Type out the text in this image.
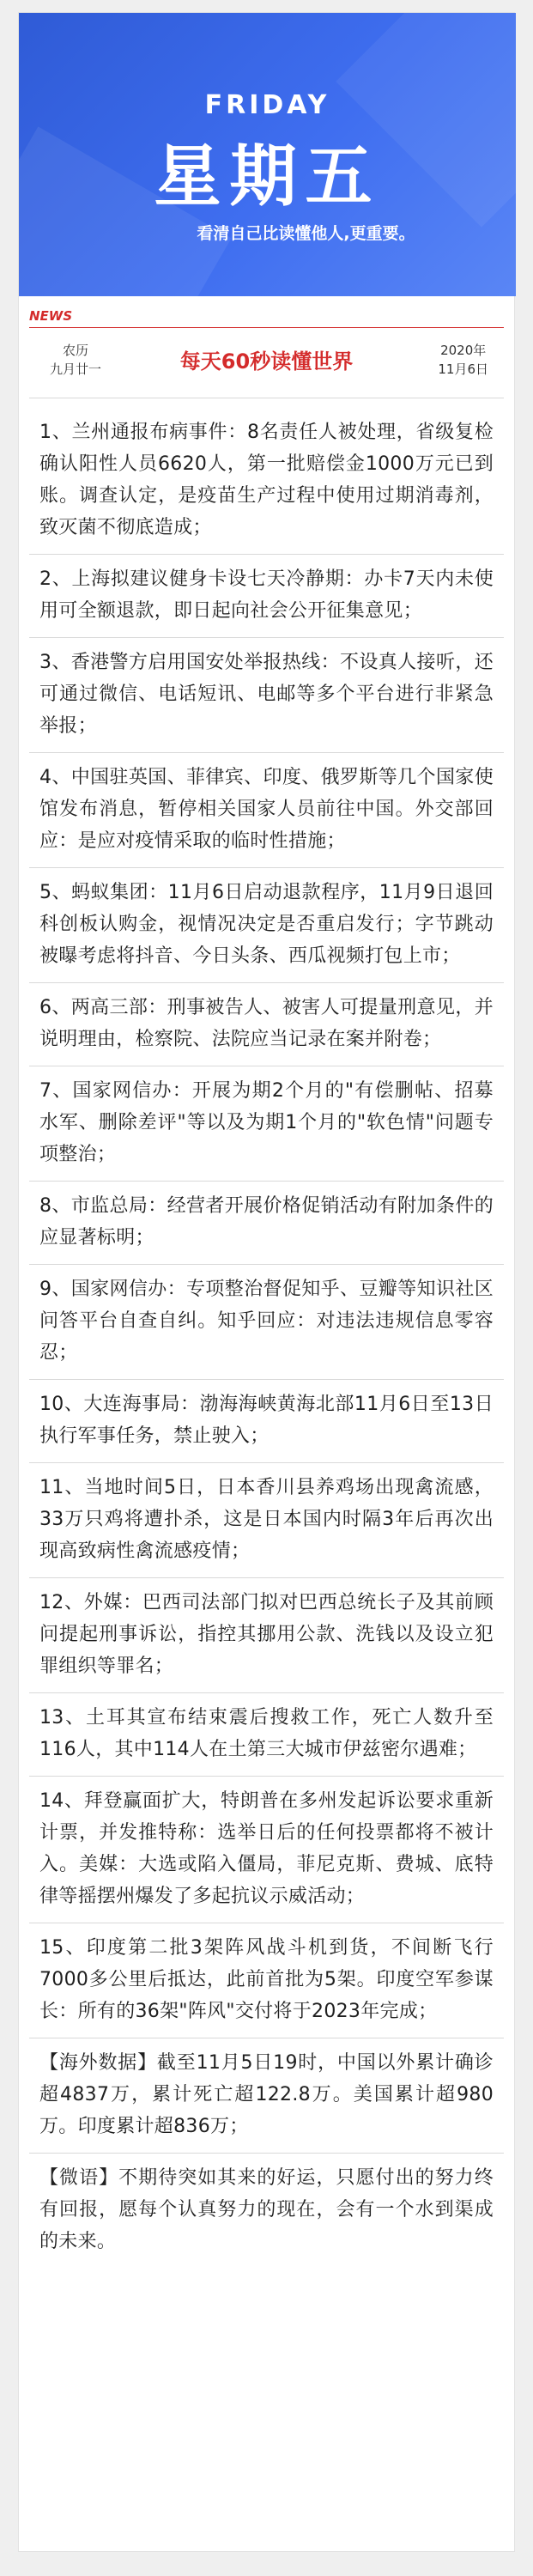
FRIDAY
星期五
看清自己比读懂他人,更重要。
NEWS
农历
九月廿一	每天60秒读懂世界	2020年
11月6日
1、兰州通报布病事件：8名责任人被处理，省级复检确认阳性人员6620人，第一批赔偿金1000万元已到账。调查认定，是疫苗生产过程中使用过期消毒剂，致灭菌不彻底造成；
2、上海拟建议健身卡设七天冷静期：办卡7天内未使用可全额退款，即日起向社会公开征集意见；
3、香港警方启用国安处举报热线：不设真人接听，还可通过微信、电话短讯、电邮等多个平台进行非紧急举报；
4、中国驻英国、菲律宾、印度、俄罗斯等几个国家使馆发布消息，暂停相关国家人员前往中国。外交部回应：是应对疫情采取的临时性措施；
5、蚂蚁集团：11月6日启动退款程序，11月9日退回科创板认购金，视情况决定是否重启发行；字节跳动被曝考虑将抖音、今日头条、西瓜视频打包上市；
6、两高三部：刑事被告人、被害人可提量刑意见，并说明理由，检察院、法院应当记录在案并附卷；
7、国家网信办：开展为期2个月的"有偿删帖、招募水军、删除差评"等以及为期1个月的"软色情"问题专项整治；
8、市监总局：经营者开展价格促销活动有附加条件的应显著标明；
9、国家网信办：专项整治督促知乎、豆瓣等知识社区问答平台自查自纠。知乎回应：对违法违规信息零容忍；
10、大连海事局：渤海海峡黄海北部11月6日至13日执行军事任务，禁止驶入；
11、当地时间5日，日本香川县养鸡场出现禽流感，33万只鸡将遭扑杀，这是日本国内时隔3年后再次出现高致病性禽流感疫情；
12、外媒：巴西司法部门拟对巴西总统长子及其前顾问提起刑事诉讼，指控其挪用公款、洗钱以及设立犯罪组织等罪名；
13、土耳其宣布结束震后搜救工作，死亡人数升至116人，其中114人在土第三大城市伊兹密尔遇难；
14、拜登赢面扩大，特朗普在多州发起诉讼要求重新计票，并发推特称：选举日后的任何投票都将不被计入。美媒：大选或陷入僵局，菲尼克斯、费城、底特律等摇摆州爆发了多起抗议示威活动；
15、印度第二批3架阵风战斗机到货，不间断飞行7000多公里后抵达，此前首批为5架。印度空军参谋长：所有的36架"阵风"交付将于2023年完成；
【海外数据】截至11月5日19时，中国以外累计确诊超4837万，累计死亡超122.8万。美国累计超980万。印度累计超836万；
【微语】不期待突如其来的好运，只愿付出的努力终有回报，愿每个认真努力的现在，会有一个水到渠成的未来。
